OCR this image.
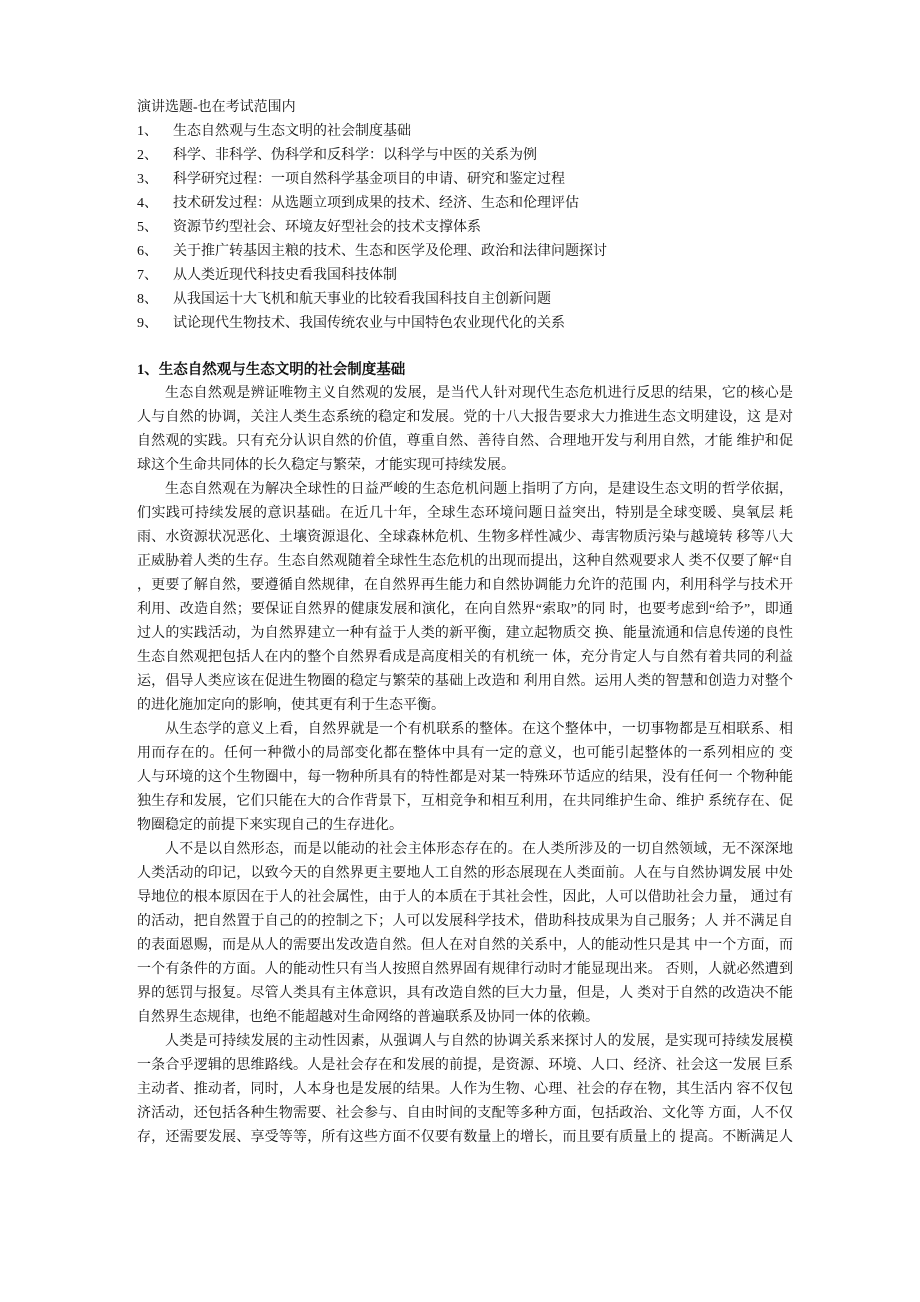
演讲选题-也在考试范围内
1、	生态自然观与生态文明的社会制度基础
2、	科学、非科学、伪科学和反科学：以科学与中医的关系为例
3、	科学研究过程：一项自然科学基金项目的申请、研究和鉴定过程
4、	技术研发过程：从选题立项到成果的技术、经济、生态和伦理评估
5、	资源节约型社会、环境友好型社会的技术支撑体系
6、	关于推广转基因主粮的技术、生态和医学及伦理、政治和法律问题探讨
7、	从人类近现代科技史看我国科技体制
8、	从我国运十大飞机和航天事业的比较看我国科技自主创新问题
9、	试论现代生物技术、我国传统农业与中国特色农业现代化的关系
1、生态自然观与生态文明的社会制度基础
生态自然观是辨证唯物主义自然观的发展，是当代人针对现代生态危机进行反思的结果，它的核心是
人与自然的协调，关注人类生态系统的稳定和发展。党的十八大报告要求大力推进生态文明建设，这 是对
自然观的实践。只有充分认识自然的价值，尊重自然、善待自然、合理地开发与利用自然，才能 维护和促
球这个生命共同体的长久稳定与繁荣，才能实现可持续发展。
生态自然观在为解决全球性的日益严峻的生态危机问题上指明了方向，是建设生态文明的哲学依据，
们实践可持续发展的意识基础。在近几十年，全球生态环境问题日益突出，特别是全球变暖、臭氧层 耗
雨、水资源状况恶化、土壤资源退化、全球森林危机、生物多样性减少、毒害物质污染与越境转 移等八大
正威胁着人类的生存。生态自然观随着全球性生态危机的出现而提出，这种自然观要求人 类不仅要了解“自
，更要了解自然，要遵循自然规律，在自然界再生能力和自然协调能力允许的范围 内，利用科学与技术开
利用、改造自然；要保证自然界的健康发展和演化，在向自然界“索取”的同 时，也要考虑到“给予”，即通
过人的实践活动，为自然界建立一种有益于人类的新平衡，建立起物质交 换、能量流通和信息传递的良性
生态自然观把包括人在内的整个自然界看成是高度相关的有机统一 体，充分肯定人与自然有着共同的利益
运，倡导人类应该在促进生物圈的稳定与繁荣的基础上改造和 利用自然。运用人类的智慧和创造力对整个
的进化施加定向的影响，使其更有利于生态平衡。
从生态学的意义上看，自然界就是一个有机联系的整体。在这个整体中，一切事物都是互相联系、相
用而存在的。任何一种微小的局部变化都在整体中具有一定的意义，也可能引起整体的一系列相应的 变
人与环境的这个生物圈中，每一物种所具有的特性都是对某一特殊环节适应的结果，没有任何一 个物种能
独生存和发展，它们只能在大的合作背景下，互相竞争和相互利用，在共同维护生命、维护 系统存在、促
物圈稳定的前提下来实现自己的生存进化。
人不是以自然形态，而是以能动的社会主体形态存在的。在人类所涉及的一切自然领域，无不深深地
人类活动的印记，以致今天的自然界更主要地人工自然的形态展现在人类面前。人在与自然协调发展 中处
导地位的根本原因在于人的社会属性，由于人的本质在于其社会性，因此，人可以借助社会力量， 通过有
的活动，把自然置于自己的的控制之下；人可以发展科学技术，借助科技成果为自己服务；人 并不满足自
的表面恩赐，而是从人的需要出发改造自然。但人在对自然的关系中，人的能动性只是其 中一个方面，而
一个有条件的方面。人的能动性只有当人按照自然界固有规律行动时才能显现出来。 否则，人就必然遭到
界的惩罚与报复。尽管人类具有主体意识，具有改造自然的巨大力量，但是，人 类对于自然的改造决不能
自然界生态规律，也绝不能超越对生命网络的普遍联系及协同一体的依赖。
人类是可持续发展的主动性因素，从强调人与自然的协调关系来探讨人的发展，是实现可持续发展模
一条合乎逻辑的思维路线。人是社会存在和发展的前提，是资源、环境、人口、经济、社会这一发展 巨系
主动者、推动者，同时，人本身也是发展的结果。人作为生物、心理、社会的存在物，其生活内 容不仅包
济活动，还包括各种生物需要、社会参与、自由时间的支配等多种方面，包括政治、文化等 方面，人不仅
存，还需要发展、享受等等，所有这些方面不仅要有数量上的增长，而且要有质量上的 提高。不断满足人
